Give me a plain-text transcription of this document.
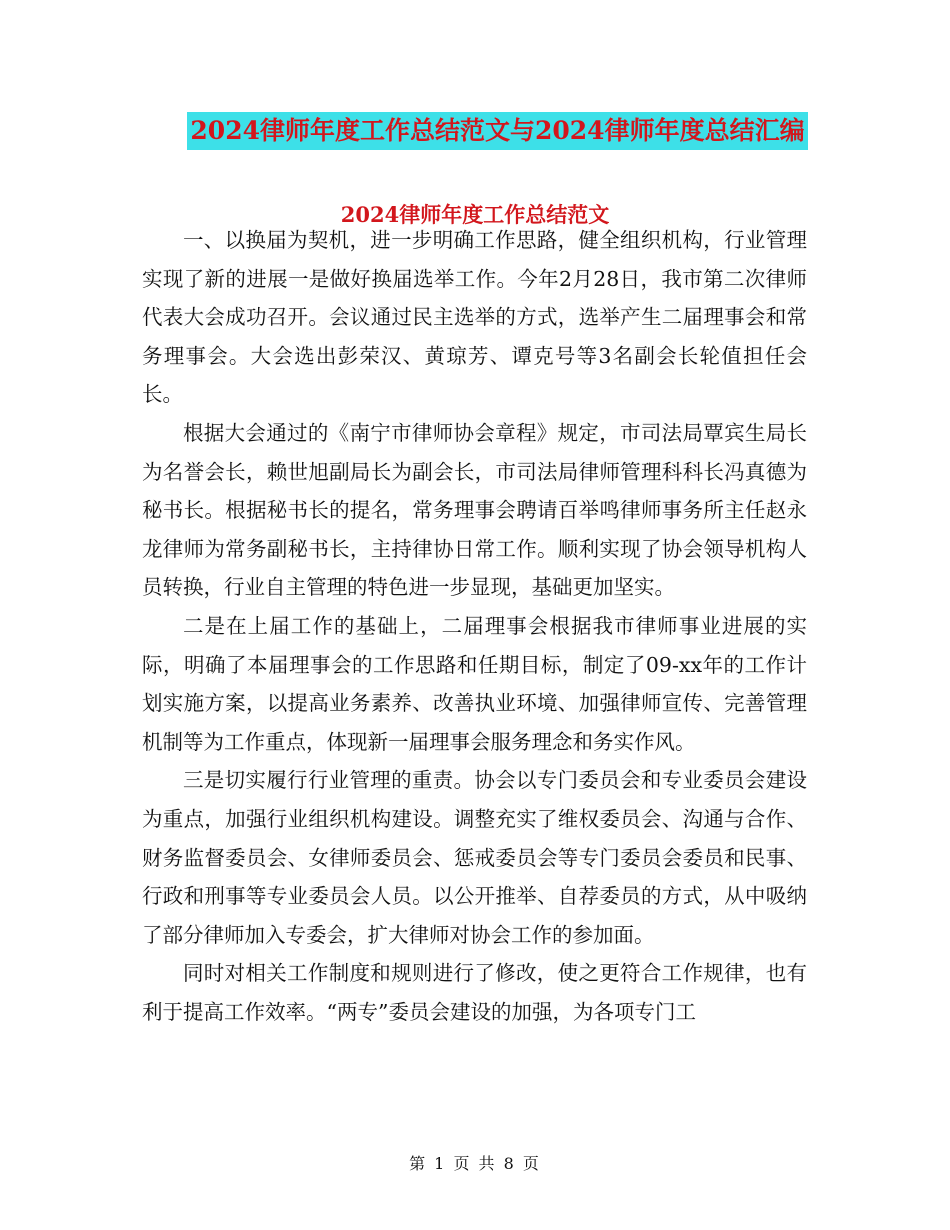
2024律师年度工作总结范文与2024律师年度总结汇编
2024律师年度工作总结范文

一、以换届为契机，进一步明确工作思路，健全组织机构，行业管理实现了新的进展一是做好换届选举工作。今年2月28日，我市第二次律师代表大会成功召开。会议通过民主选举的方式，选举产生二届理事会和常务理事会。大会选出彭荣汉、黄琼芳、谭克号等3名副会长轮值担任会长。

根据大会通过的《南宁市律师协会章程》规定，市司法局覃宾生局长为名誉会长，赖世旭副局长为副会长，市司法局律师管理科科长冯真德为秘书长。根据秘书长的提名，常务理事会聘请百举鸣律师事务所主任赵永龙律师为常务副秘书长，主持律协日常工作。顺利实现了协会领导机构人员转换，行业自主管理的特色进一步显现，基础更加坚实。

二是在上届工作的基础上，二届理事会根据我市律师事业进展的实际，明确了本届理事会的工作思路和任期目标，制定了09-xx年的工作计划实施方案，以提高业务素养、改善执业环境、加强律师宣传、完善管理机制等为工作重点，体现新一届理事会服务理念和务实作风。

三是切实履行行业管理的重责。协会以专门委员会和专业委员会建设为重点，加强行业组织机构建设。调整充实了维权委员会、沟通与合作、财务监督委员会、女律师委员会、惩戒委员会等专门委员会委员和民事、行政和刑事等专业委员会人员。以公开推举、自荐委员的方式，从中吸纳了部分律师加入专委会，扩大律师对协会工作的参加面。

同时对相关工作制度和规则进行了修改，使之更符合工作规律，也有利于提高工作效率。“两专”委员会建设的加强，为各项专门工

第 1 页 共 8 页
